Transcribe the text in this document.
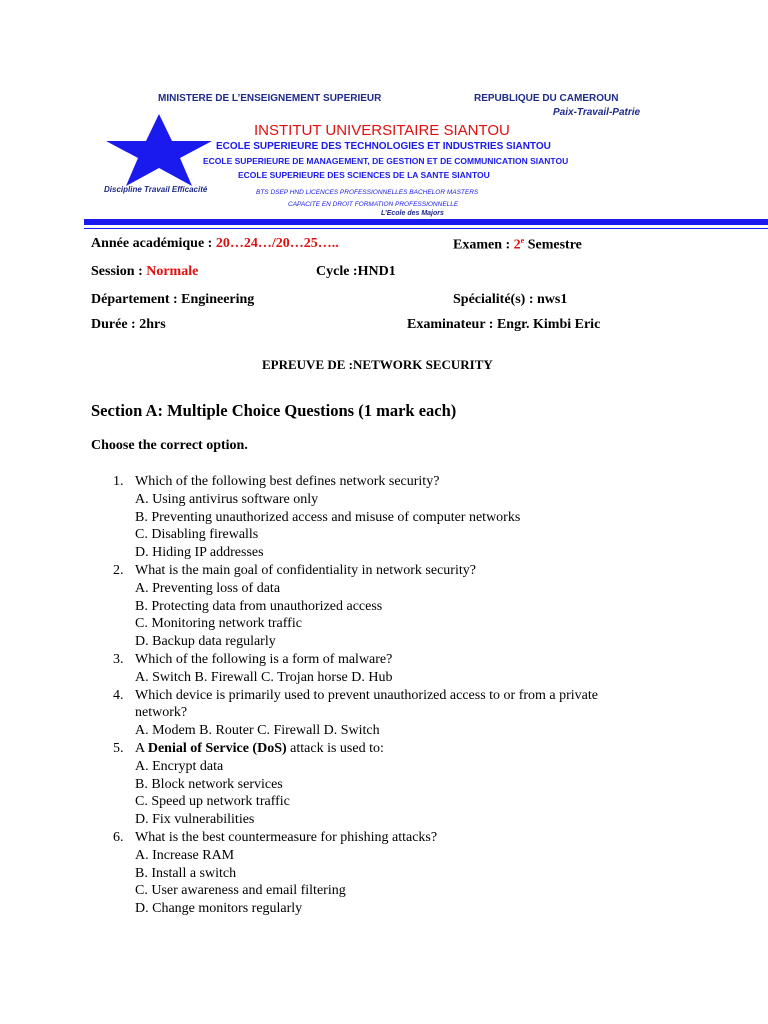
MINISTERE DE L’ENSEIGNEMENT SUPERIEUR	REPUBLIQUE DU CAMEROUN
Paix-Travail-Patrie
Discipline Travail Efficacité
INSTITUT UNIVERSITAIRE SIANTOU
ECOLE SUPERIEURE DES TECHNOLOGIES ET INDUSTRIES SIANTOU
ECOLE SUPERIEURE DE MANAGEMENT, DE GESTION ET DE COMMUNICATION SIANTOU
ECOLE SUPERIEURE DES SCIENCES DE LA SANTE SIANTOU
BTS DSEP HND LICENCES PROFESSIONNELLES BACHELOR MASTERS
CAPACITE EN DROIT FORMATION PROFESSIONNELLE
L’Ecole des Majors
Année académique : 20…24…/20…25…..	Examen : 2e Semestre
Session : Normale	Cycle :HND1
Département : Engineering	Spécialité(s) : nws1
Durée : 2hrs	Examinateur : Engr. Kimbi Eric
EPREUVE DE :NETWORK SECURITY
Section A: Multiple Choice Questions (1 mark each)
Choose the correct option.
1. Which of the following best defines network security?
A. Using antivirus software only
B. Preventing unauthorized access and misuse of computer networks
C. Disabling firewalls
D. Hiding IP addresses
2. What is the main goal of confidentiality in network security?
A. Preventing loss of data
B. Protecting data from unauthorized access
C. Monitoring network traffic
D. Backup data regularly
3. Which of the following is a form of malware?
A. Switch B. Firewall C. Trojan horse D. Hub
4. Which device is primarily used to prevent unauthorized access to or from a private network?
A. Modem B. Router C. Firewall D. Switch
5. A Denial of Service (DoS) attack is used to:
A. Encrypt data
B. Block network services
C. Speed up network traffic
D. Fix vulnerabilities
6. What is the best countermeasure for phishing attacks?
A. Increase RAM
B. Install a switch
C. User awareness and email filtering
D. Change monitors regularly
